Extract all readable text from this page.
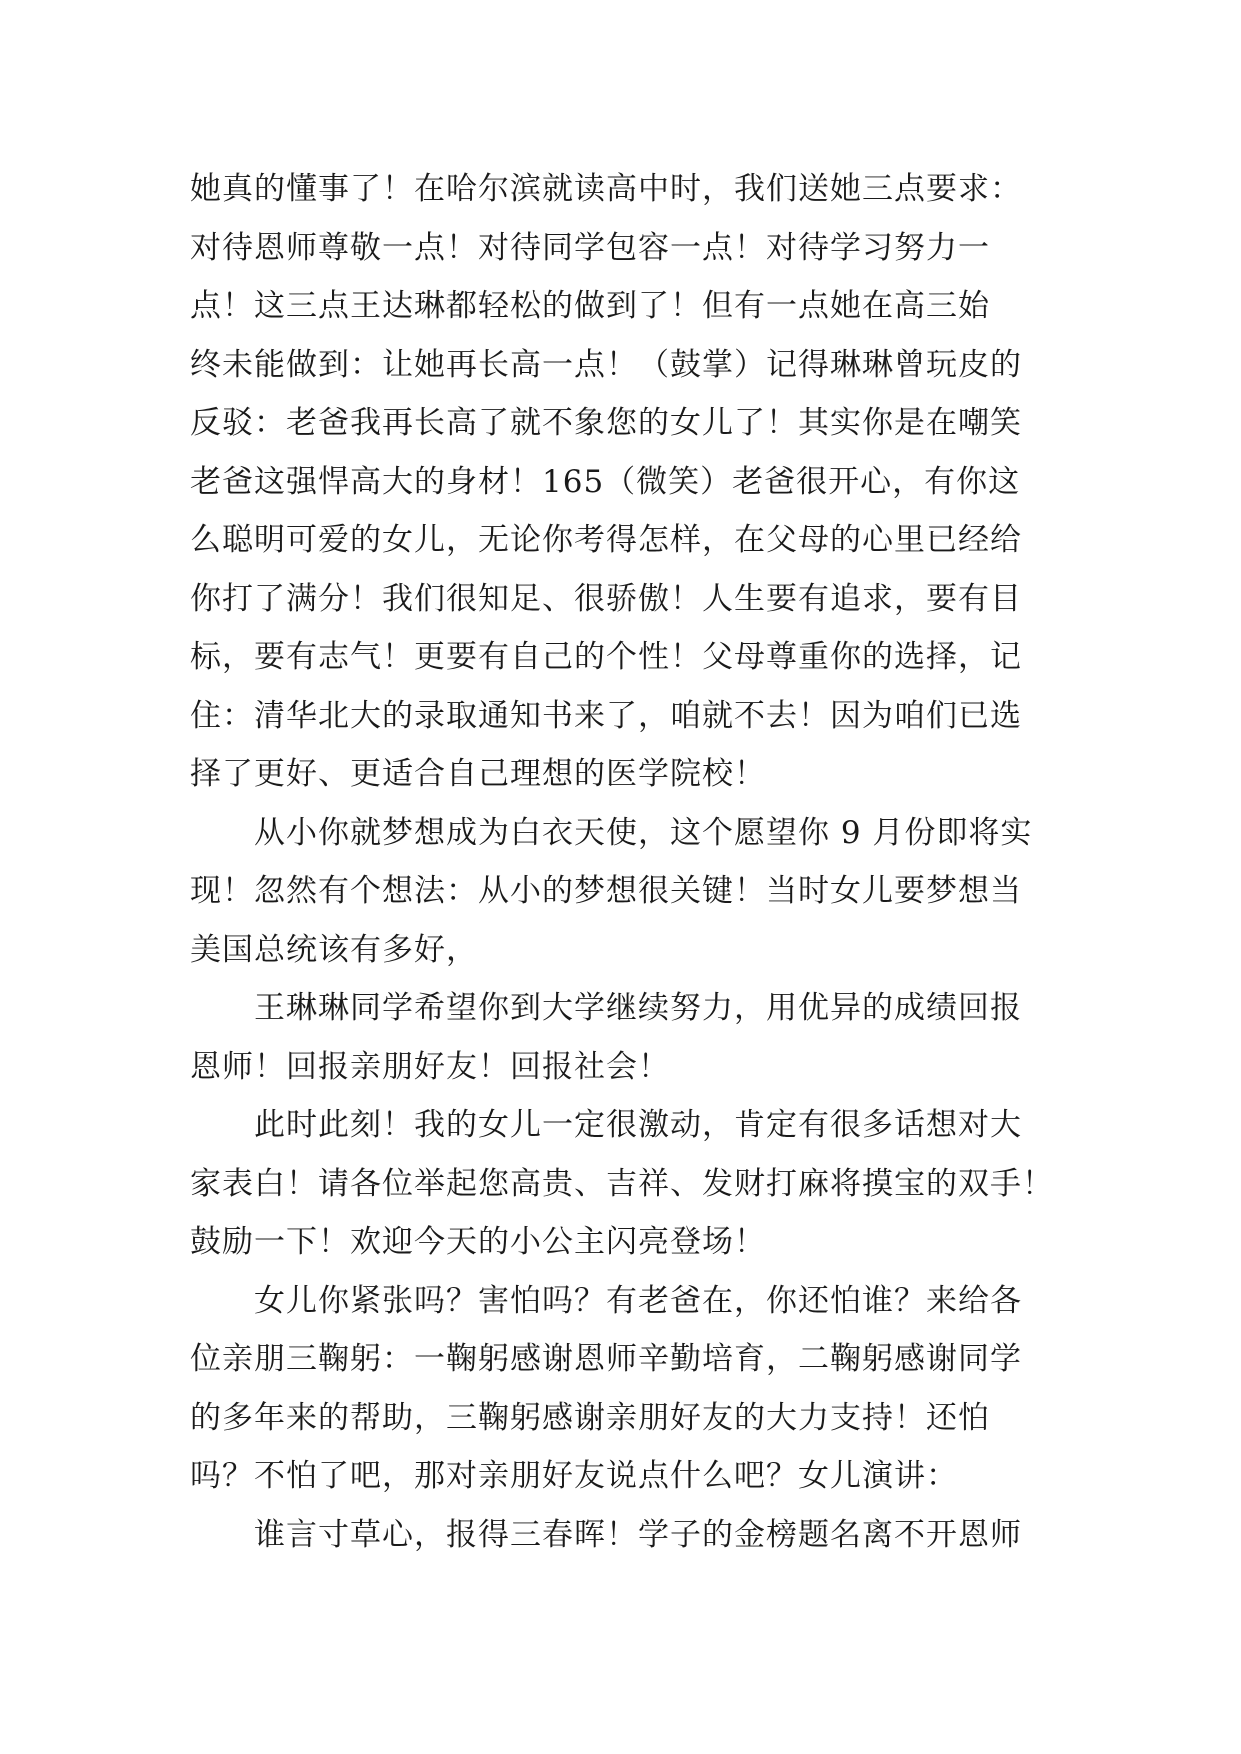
她真的懂事了！在哈尔滨就读高中时，我们送她三点要求：
对待恩师尊敬一点！对待同学包容一点！对待学习努力一
点！这三点王达琳都轻松的做到了！但有一点她在高三始
终未能做到：让她再长高一点！（鼓掌）记得琳琳曾玩皮的
反驳：老爸我再长高了就不象您的女儿了！其实你是在嘲笑
老爸这强悍高大的身材！165（微笑）老爸很开心，有你这
么聪明可爱的女儿，无论你考得怎样，在父母的心里已经给
你打了满分！我们很知足、很骄傲！人生要有追求，要有目
标，要有志气！更要有自己的个性！父母尊重你的选择，记
住：清华北大的录取通知书来了，咱就不去！因为咱们已选
择了更好、更适合自己理想的医学院校！
从小你就梦想成为白衣天使，这个愿望你 9 月份即将实
现！忽然有个想法：从小的梦想很关键！当时女儿要梦想当
美国总统该有多好，
王琳琳同学希望你到大学继续努力，用优异的成绩回报
恩师！回报亲朋好友！回报社会！
此时此刻！我的女儿一定很激动，肯定有很多话想对大
家表白！请各位举起您高贵、吉祥、发财打麻将摸宝的双手！
鼓励一下！欢迎今天的小公主闪亮登场！
女儿你紧张吗？害怕吗？有老爸在，你还怕谁？来给各
位亲朋三鞠躬：一鞠躬感谢恩师辛勤培育，二鞠躬感谢同学
的多年来的帮助，三鞠躬感谢亲朋好友的大力支持！还怕
吗？不怕了吧，那对亲朋好友说点什么吧？女儿演讲：
谁言寸草心，报得三春晖！学子的金榜题名离不开恩师
